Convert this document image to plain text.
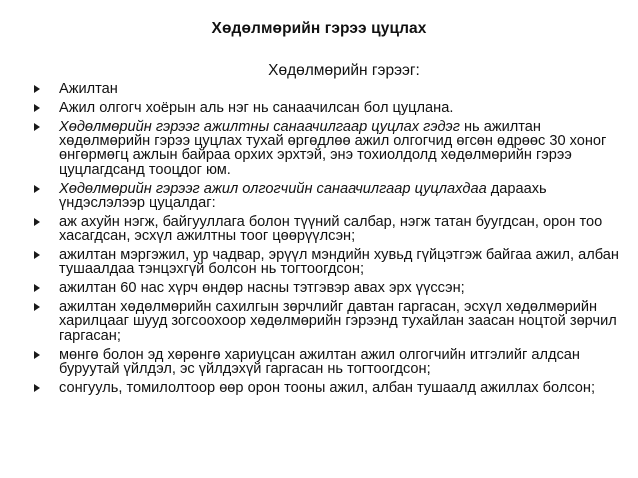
Хөдөлмөрийн гэрээ цуцлах
Хөдөлмөрийн гэрээг:
Ажилтан
Ажил олгогч хоёрын аль нэг нь санаачилсан бол цуцлана.
Хөдөлмөрийн гэрээг ажилтны санаачилгаар цуцлах гэдэг нь ажилтан хөдөлмөрийн гэрээ цуцлах тухай өргөдлөө ажил олгогчид өгсөн өдрөөс 30 хоног өнгөрмөгц ажлын байраа орхих эрхтэй, энэ тохиолдолд хөдөлмөрийн гэрээ цуцлагдсанд тооцдог юм.
Хөдөлмөрийн гэрээг ажил олгогчийн санаачилгаар цуцлахдаа дараахь үндэслэлээр цуцалдаг:
аж ахуйн нэгж, байгууллага болон түүний салбар, нэгж татан буугдсан, орон тоо хасагдсан, эсхүл ажилтны тоог цөөрүүлсэн;
ажилтан мэргэжил, ур чадвар, эрүүл мэндийн хувьд гүйцэтгэж байгаа ажил, албан тушаалдаа тэнцэхгүй болсон нь тогтоогдсон;
ажилтан 60 нас хүрч өндөр насны тэтгэвэр авах эрх үүссэн;
ажилтан хөдөлмөрийн сахилгын зөрчлийг давтан гаргасан, эсхүл хөдөлмөрийн харилцааг шууд зогсоохоор хөдөлмөрийн гэрээнд тухайлан заасан ноцтой зөрчил гаргасан;
мөнгө болон эд хөрөнгө хариуцсан ажилтан ажил олгогчийн итгэлийг алдсан буруутай үйлдэл, эс үйлдэхүй гаргасан нь тогтоогдсон;
сонгууль, томилолтоор өөр орон тооны ажил, албан тушаалд ажиллах болсон;
